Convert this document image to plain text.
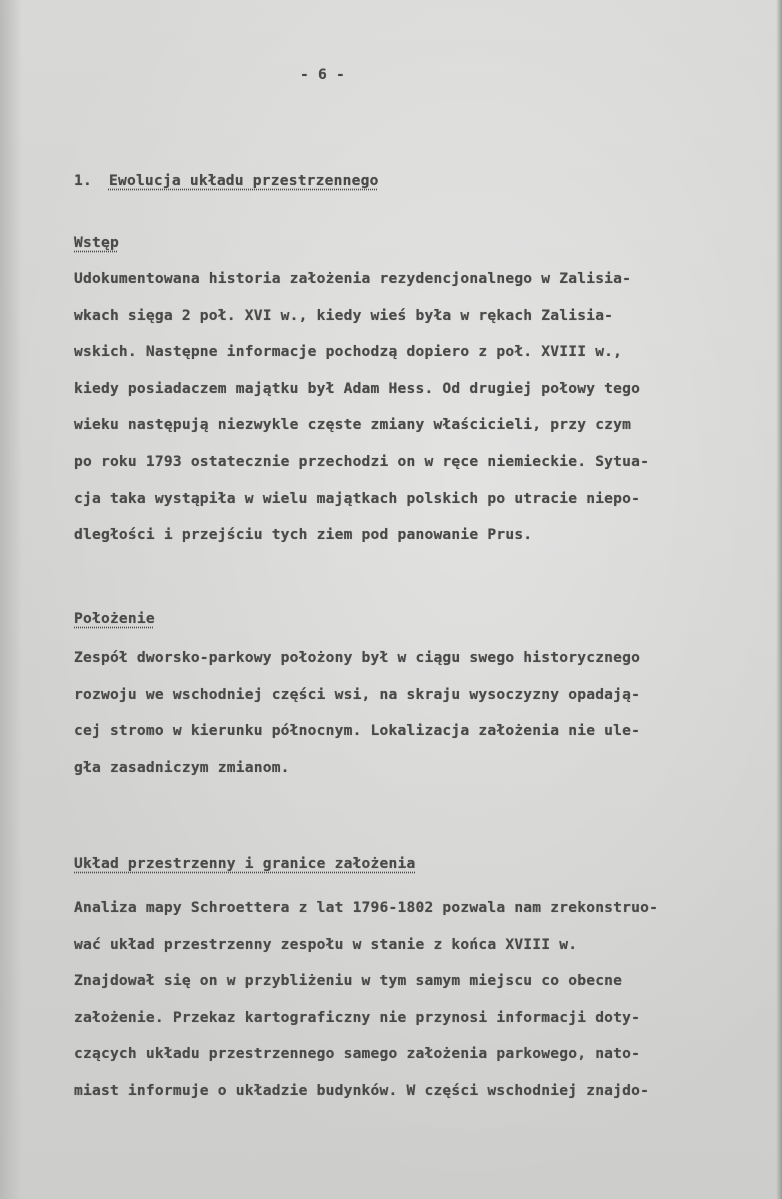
- 6 -
1. Ewolucja układu przestrzennego
Wstęp
Udokumentowana historia założenia rezydencjonalnego w Zalisia-
wkach sięga 2 poł. XVI w., kiedy wieś była w rękach Zalisia-
wskich. Następne informacje pochodzą dopiero z poł. XVIII w.,
kiedy posiadaczem majątku był Adam Hess. Od drugiej połowy tego
wieku następują niezwykle częste zmiany właścicieli, przy czym
po roku 1793 ostatecznie przechodzi on w ręce niemieckie. Sytua-
cja taka wystąpiła w wielu majątkach polskich po utracie niepo-
dległości i przejściu tych ziem pod panowanie Prus.
Położenie
Zespół dworsko-parkowy położony był w ciągu swego historycznego
rozwoju we wschodniej części wsi, na skraju wysoczyzny opadają-
cej stromo w kierunku północnym. Lokalizacja założenia nie ule-
gła zasadniczym zmianom.
Układ przestrzenny i granice założenia
Analiza mapy Schroettera z lat 1796-1802 pozwala nam zrekonstruo-
wać układ przestrzenny zespołu w stanie z końca XVIII w.
Znajdował się on w przybliżeniu w tym samym miejscu co obecne
założenie. Przekaz kartograficzny nie przynosi informacji doty-
czących układu przestrzennego samego założenia parkowego, nato-
miast informuje o układzie budynków. W części wschodniej znajdo-
